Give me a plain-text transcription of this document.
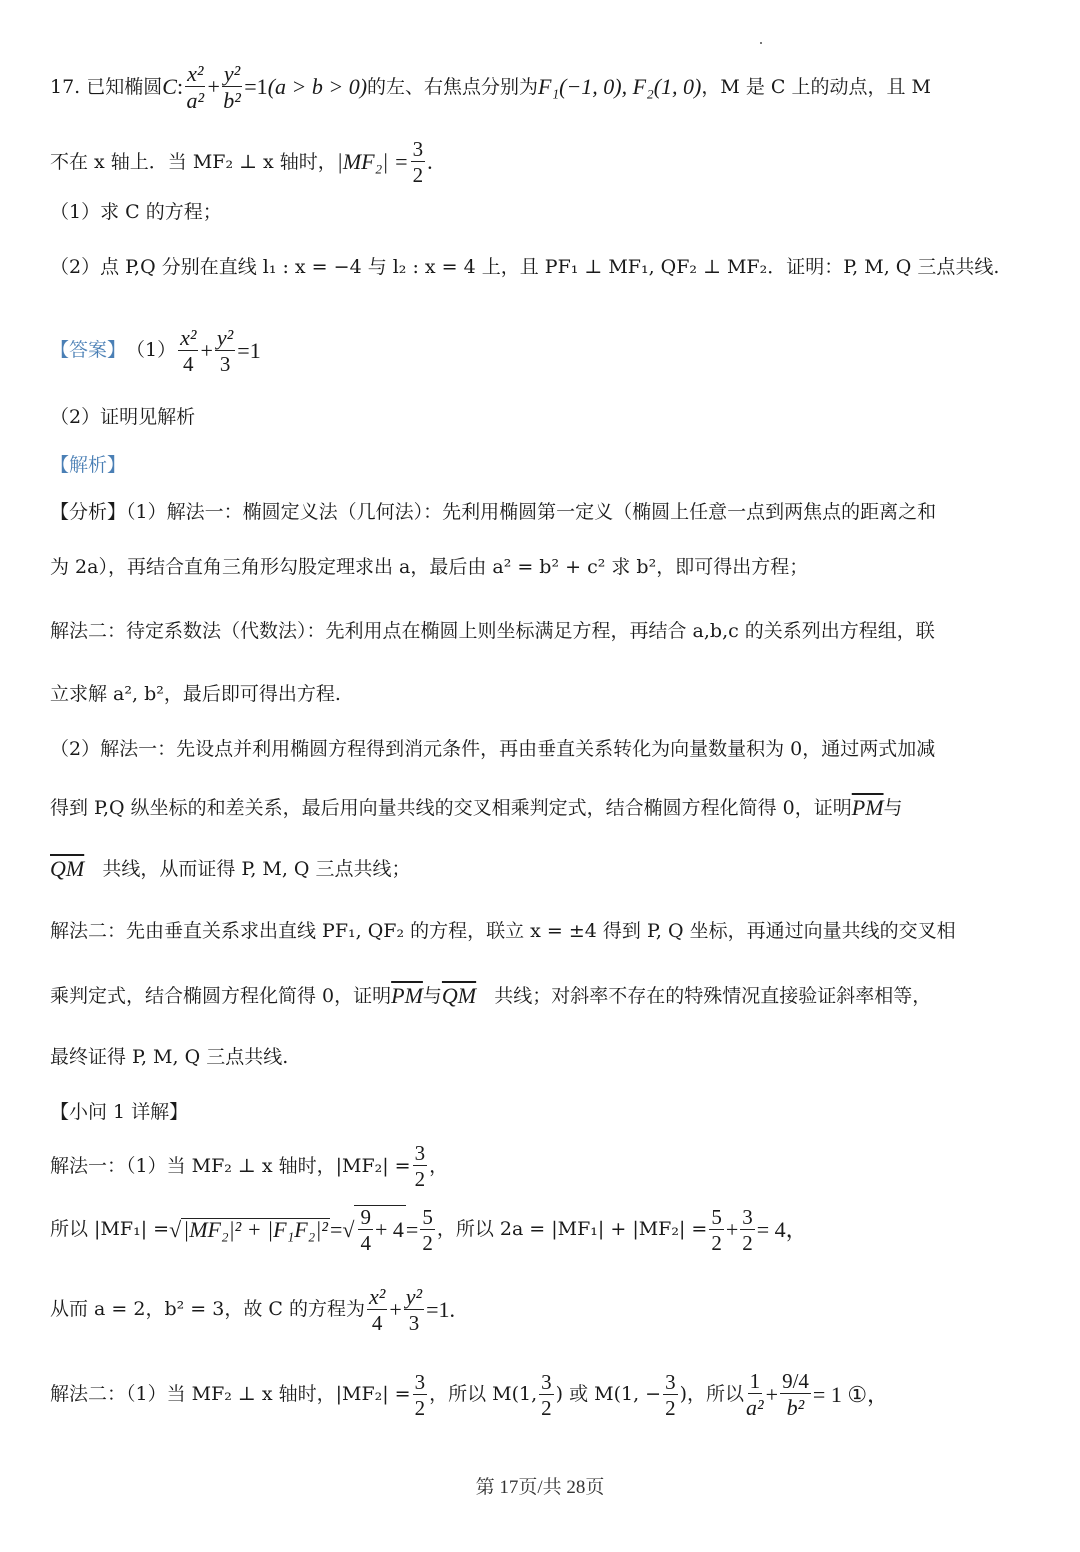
17.
已知椭圆 C : $\frac{\text{x²}}{\text{a²}} + \frac{\text{y²}}{\text{b²}} =1$ (a > b > 0) 的左、右焦点分别为 F₁(−1, 0), F₂(1, 0) ，M 是 C 上的动点，且 M
不在 x 轴上．当 MF₂ ⊥ x 轴时， $|MF_2| = \frac{3}{2}$ .
（1）求 C 的方程；
（2）点 P,Q 分别在直线 l₁ : x = −4 与 l₂ : x = 4 上，且 PF₁ ⊥ MF₁, QF₂ ⊥ MF₂．证明：P, M, Q 三点共线.
【答案】 $(1) \frac{\text{x²}}{4} + \frac{\text{y²}}{3} =1$
（2）证明见解析
【解析】
【分析】（1）解法一：椭圆定义法（几何法）：先利用椭圆第一定义（椭圆上任意一点到两焦点的距离之和
为 2a），再结合直角三角形勾股定理求出 a，最后由 a² = b² + c² 求 b²，即可得出方程；
解法二：待定系数法（代数法）：先利用点在椭圆上则坐标满足方程，再结合 a,b,c 的关系列出方程组，联
立求解 a², b²，最后即可得出方程.
（2）解法一：先设点并利用椭圆方程得到消元条件，再由垂直关系转化为向量数量积为 0，通过两式加减
得到 P,Q 纵坐标的和差关系，最后用向量共线的交叉相乘判定式，结合椭圆方程化简得 0，证明 $\overline{PM}$ 与
$\overline{QM}$
共线，从而证得 P, M, Q 三点共线；
解法二：先由垂直关系求出直线 PF₁, QF₂ 的方程，联立 x = ±4 得到 P, Q 坐标，再通过向量共线的交叉相
乘判定式，结合椭圆方程化简得 0，证明 $\overline{PM}$ 与 $\overline{QM}$
共线；对斜率不存在的特殊情况直接验证斜率相等，
最终证得 P, M, Q 三点共线.
【小问 1 详解】
解法一：（1）当 MF₂ ⊥ x 轴时，$|MF_2| = \frac{3}{2}$ ，
所以 |MF₁| = √ |MF₂|² + |F₁F₂|² = √ $\frac{9}{4} + 4 = \frac{5}{2}$ ，所以 $2a = |MF_1| + |MF_2| = \frac{5}{2} + \frac{3}{2} = 4$，
从而 a = 2，b² = 3，故 C 的方程为 $\frac{\text{x²}}{4} + \frac{\text{y²}}{3} =1$.
解法二：（1）当 MF₂ ⊥ x 轴时，$|MF_2| = \frac{3}{2}$ ，所以 M(1, $\frac{3}{2}$ ) 或 M(1, − $\frac{3}{2}$ )，所以 $\frac{1}{\text{a²}} + \frac{9/4}{\text{b²}} = 1$ ①，
第 17页/共 28页
